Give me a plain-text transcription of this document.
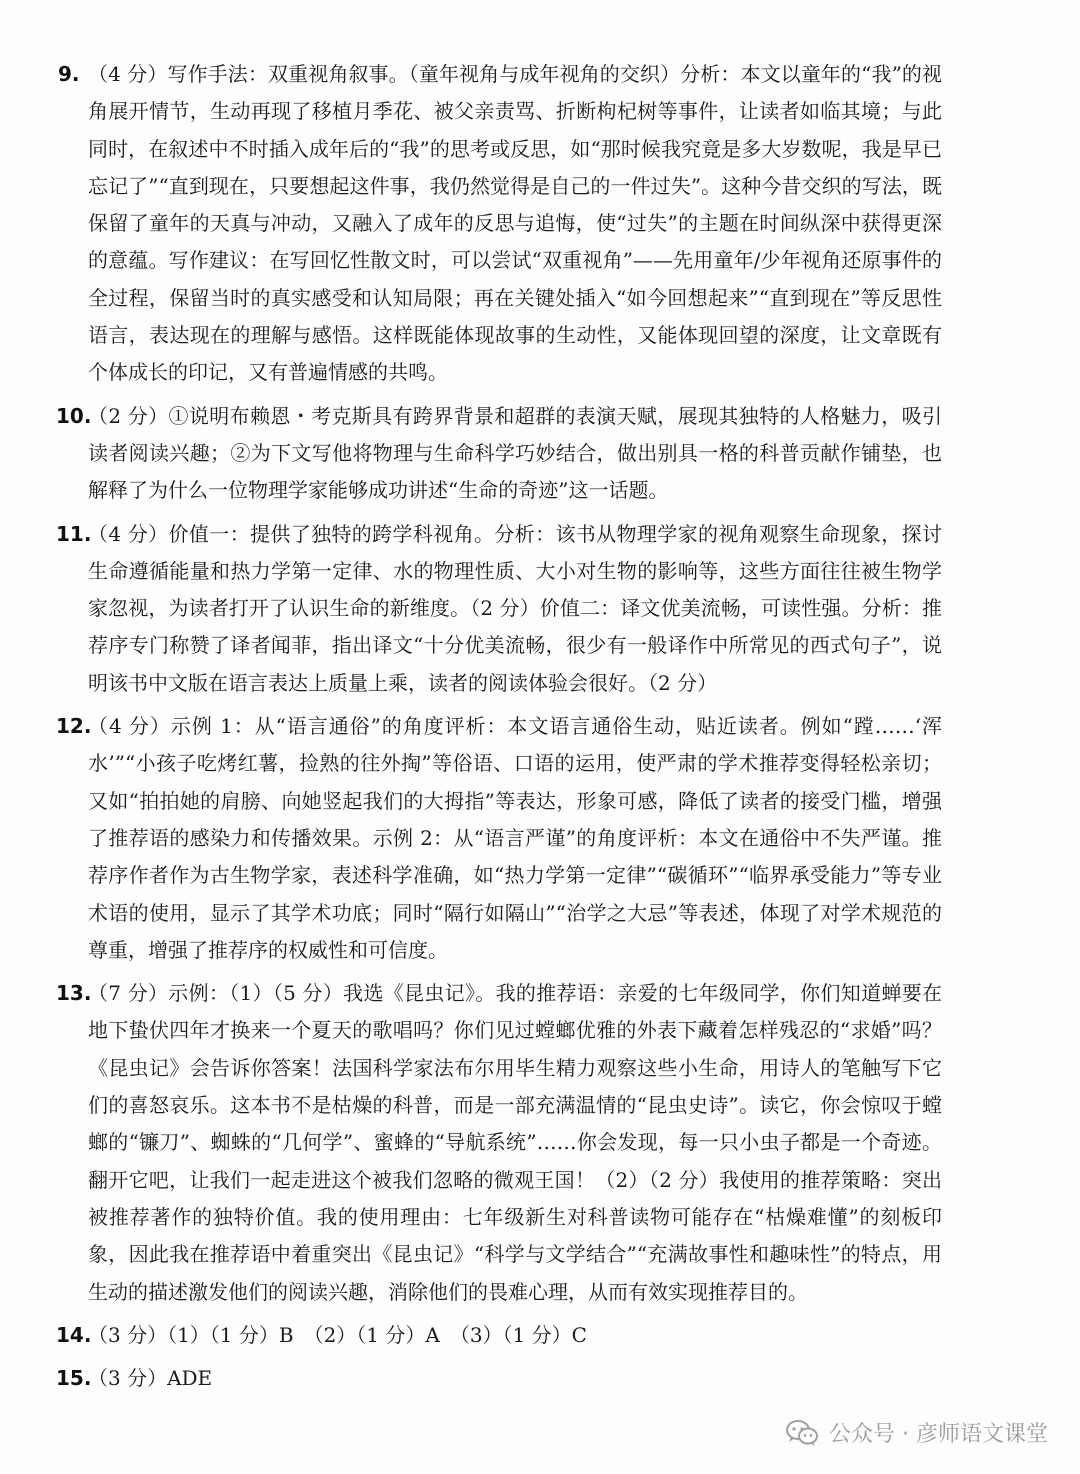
9. （4 分）写作手法：双重视角叙事。（童年视角与成年视角的交织）分析：本文以童年的“我”的视角展开情节，生动再现了移植月季花、被父亲责骂、折断枸杞树等事件，让读者如临其境；与此同时，在叙述中不时插入成年后的“我”的思考或反思，如“那时候我究竟是多大岁数呢，我是早已忘记了”“直到现在，只要想起这件事，我仍然觉得是自己的一件过失”。这种今昔交织的写法，既保留了童年的天真与冲动，又融入了成年的反思与追悔，使“过失”的主题在时间纵深中获得更深的意蕴。写作建议：在写回忆性散文时，可以尝试“双重视角”——先用童年/少年视角还原事件的全过程，保留当时的真实感受和认知局限；再在关键处插入“如今回想起来”“直到现在”等反思性语言，表达现在的理解与感悟。这样既能体现故事的生动性，又能体现回望的深度，让文章既有个体成长的印记，又有普遍情感的共鸣。
10.
（2 分）①说明布赖恩・考克斯具有跨界背景和超群的表演天赋，展现其独特的人格魅力，吸引读者阅读兴趣；②为下文写他将物理与生命科学巧妙结合，做出别具一格的科普贡献作铺垫，也解释了为什么一位物理学家能够成功讲述“生命的奇迹”这一话题。
11.
（4 分）价值一：提供了独特的跨学科视角。分析：该书从物理学家的视角观察生命现象，探讨生命遵循能量和热力学第一定律、水的物理性质、大小对生物的影响等，这些方面往往被生物学家忽视，为读者打开了认识生命的新维度。（2 分）价值二：译文优美流畅，可读性强。分析：推荐序专门称赞了译者闻菲，指出译文“十分优美流畅，很少有一般译作中所常见的西式句子”，说明该书中文版在语言表达上质量上乘，读者的阅读体验会很好。（2 分）
12.
（4 分）示例 1：从“语言通俗”的角度评析：本文语言通俗生动，贴近读者。例如“蹚……‘浑水’”“小孩子吃烤红薯，捡熟的往外掏”等俗语、口语的运用，使严肃的学术推荐变得轻松亲切；又如“拍拍她的肩膀、向她竖起我们的大拇指”等表达，形象可感，降低了读者的接受门槛，增强了推荐语的感染力和传播效果。示例 2：从“语言严谨”的角度评析：本文在通俗中不失严谨。推荐序作者作为古生物学家，表述科学准确，如“热力学第一定律”“碳循环”“临界承受能力”等专业术语的使用，显示了其学术功底；同时“隔行如隔山”“治学之大忌”等表述，体现了对学术规范的尊重，增强了推荐序的权威性和可信度。
13.
（7 分）示例：（1）（5 分）我选《昆虫记》。我的推荐语：亲爱的七年级同学，你们知道蝉要在地下蛰伏四年才换来一个夏天的歌唱吗？你们见过螳螂优雅的外表下藏着怎样残忍的“求婚”吗？《昆虫记》会告诉你答案！法国科学家法布尔用毕生精力观察这些小生命，用诗人的笔触写下它们的喜怒哀乐。这本书不是枯燥的科普，而是一部充满温情的“昆虫史诗”。读它，你会惊叹于螳螂的“镰刀”、蜘蛛的“几何学”、蜜蜂的“导航系统”……你会发现，每一只小虫子都是一个奇迹。翻开它吧，让我们一起走进这个被我们忽略的微观王国！（2）（2 分）我使用的推荐策略：突出被推荐著作的独特价值。我的使用理由：七年级新生对科普读物可能存在“枯燥难懂”的刻板印象，因此我在推荐语中着重突出《昆虫记》“科学与文学结合”“充满故事性和趣味性”的特点，用生动的描述激发他们的阅读兴趣，消除他们的畏难心理，从而有效实现推荐目的。
14.
（3 分）（1）（1 分）B　（2）（1 分）A　（3）（1 分）C
15.
（3 分）ADE
公众号 · 彦师语文课堂
